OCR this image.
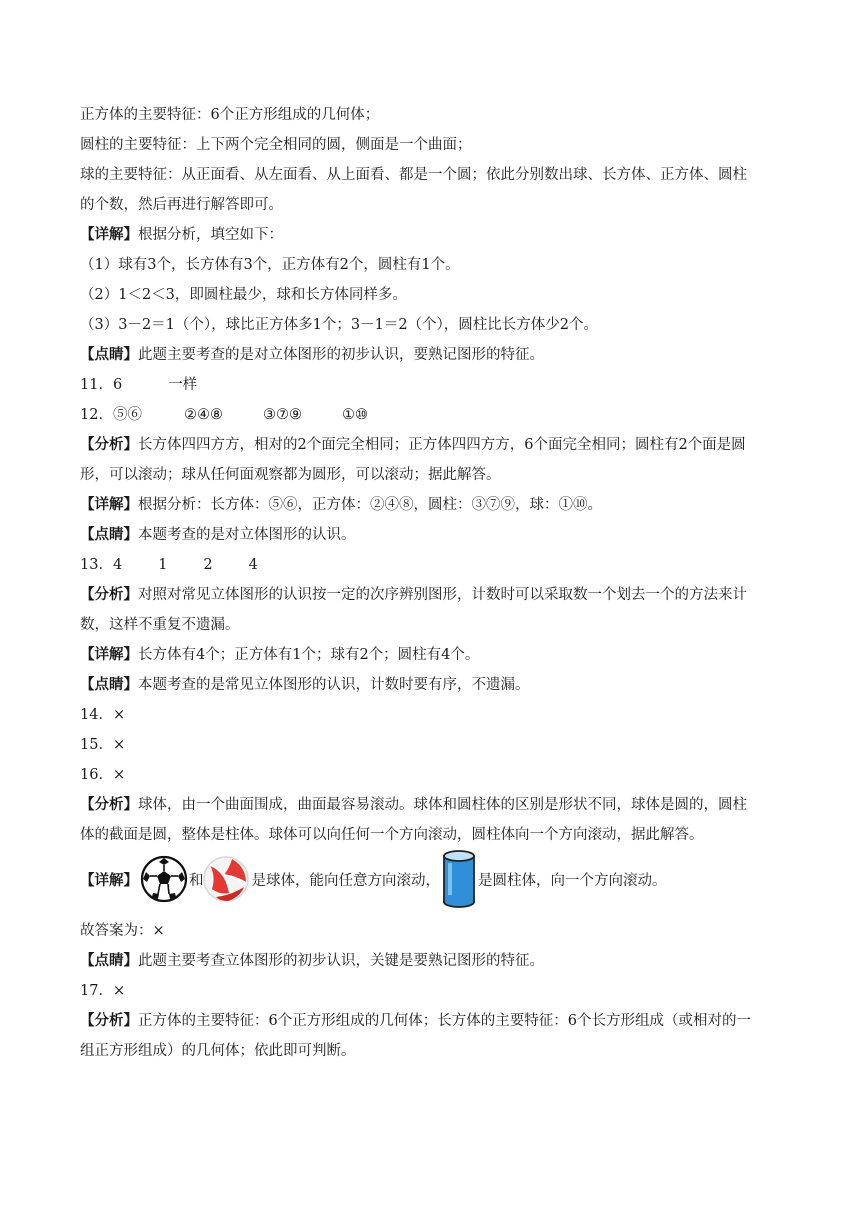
正方体的主要特征：6个正方形组成的几何体；
圆柱的主要特征：上下两个完全相同的圆，侧面是一个曲面；
球的主要特征：从正面看、从左面看、从上面看、都是一个圆；依此分别数出球、长方体、正方体、圆柱
的个数，然后再进行解答即可。
【详解】根据分析，填空如下：
（1）球有3个，长方体有3个，正方体有2个，圆柱有1个。
（2）1＜2＜3，即圆柱最少，球和长方体同样多。
（3）3－2＝1（个），球比正方体多1个；3－1＝2（个），圆柱比长方体少2个。
【点睛】此题主要考查的是对立体图形的初步认识，要熟记图形的特征。
11．6	一样
12．⑤⑥	②④⑧	③⑦⑨	①⑩
【分析】长方体四四方方，相对的2个面完全相同；正方体四四方方，6个面完全相同；圆柱有2个面是圆
形，可以滚动；球从任何面观察都为圆形，可以滚动；据此解答。
【详解】根据分析：长方体：⑤⑥，正方体：②④⑧，圆柱：③⑦⑨，球：①⑩。
【点睛】本题考查的是对立体图形的认识。
13．4 1 2 4
【分析】对照对常见立体图形的认识按一定的次序辨别图形，计数时可以采取数一个划去一个的方法来计
数，这样不重复不遗漏。
【详解】长方体有4个；正方体有1个；球有2个；圆柱有4个。
【点睛】本题考查的是常见立体图形的认识，计数时要有序，不遗漏。
14．×
15．×
16．×
【分析】球体，由一个曲面围成，曲面最容易滚动。球体和圆柱体的区别是形状不同，球体是圆的，圆柱
体的截面是圆，整体是柱体。球体可以向任何一个方向滚动，圆柱体向一个方向滚动，据此解答。
【详解】	和	是球体，能向任意方向滚动，	是圆柱体，向一个方向滚动。
故答案为：×
【点睛】此题主要考查立体图形的初步认识，关键是要熟记图形的特征。
17．×
【分析】正方体的主要特征：6个正方形组成的几何体；长方体的主要特征：6个长方形组成（或相对的一
组正方形组成）的几何体；依此即可判断。
